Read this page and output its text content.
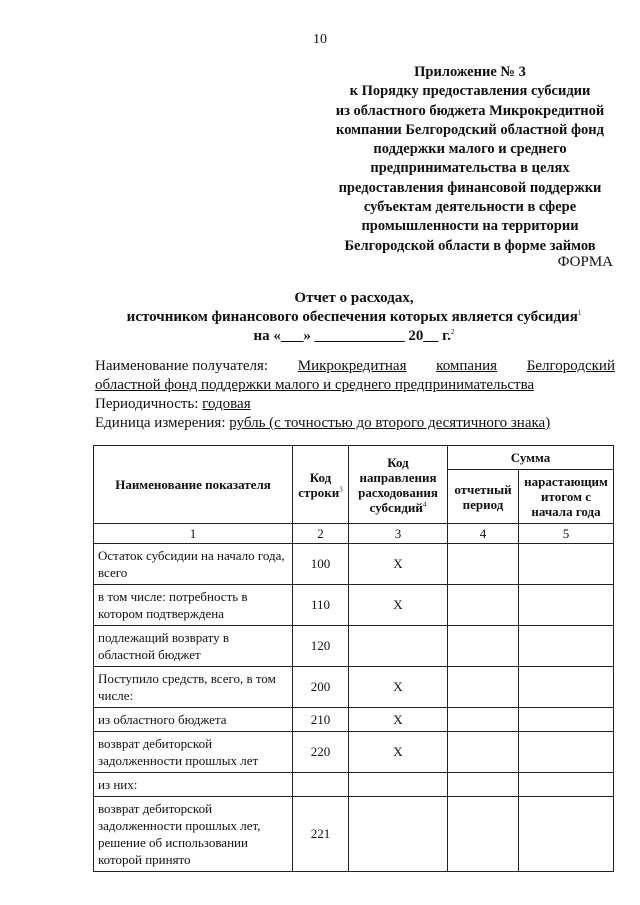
10
Приложение № 3
к Порядку предоставления субсидии
из областного бюджета Микрокредитной
компании Белгородский областной фонд
поддержки малого и среднего
предпринимательства в целях
предоставления финансовой поддержки
субъектам деятельности в сфере
промышленности на территории
Белгородской области в форме займов
ФОРМА
Отчет о расходах,
источником финансового обеспечения которых является субсидия$^1$
на «___» ____________ 20__ г.$^2$
Наименование получателя: Микрокредитная компания Белгородский
областной фонд поддержки малого и среднего предпринимательства
Периодичность: годовая
Единица измерения: рубль (с точностью до второго десятичного знака)
Наименование показателя	Код строки$^3$	Код направления расходования субсидий$^4$	Сумма	
			отчетный период	нарастающим итогом с начала года
1	2	3	4	5
Остаток субсидии на начало года, всего	100	X		
в том числе: потребность в котором подтверждена	110	X		
подлежащий возврату в областной бюджет	120			
Поступило средств, всего, в том числе:	200	X		
из областного бюджета	210	X		
возврат дебиторской задолженности прошлых лет	220	X		
из них:				
возврат дебиторской задолженности прошлых лет, решение об использовании которой принято	221			
